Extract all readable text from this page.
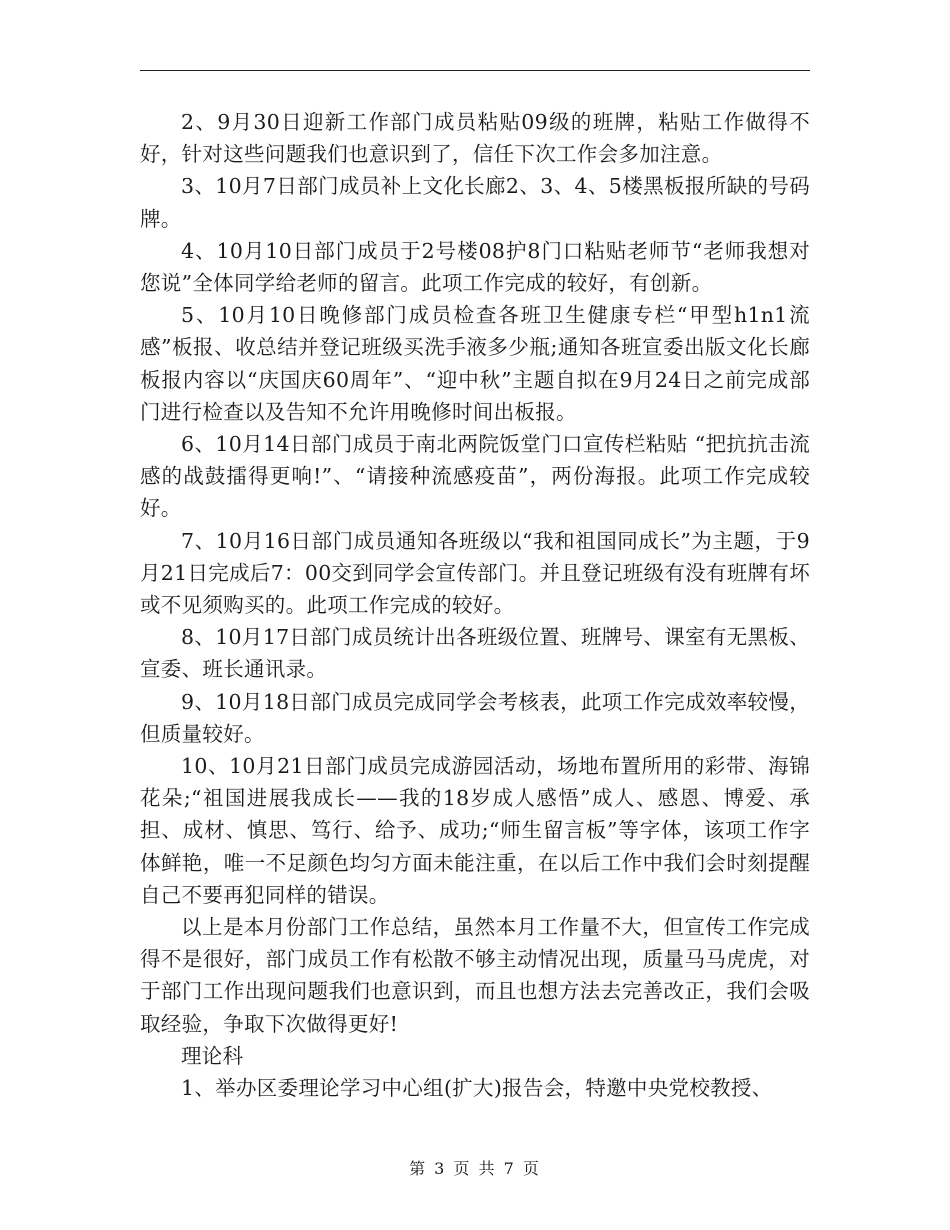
2、9月30日迎新工作部门成员粘贴09级的班牌，粘贴工作做得不好，针对这些问题我们也意识到了，信任下次工作会多加注意。

3、10月7日部门成员补上文化长廊2、3、4、5楼黑板报所缺的号码牌。

4、10月10日部门成员于2号楼08护8门口粘贴老师节“老师我想对您说”全体同学给老师的留言。此项工作完成的较好，有创新。

5、10月10日晚修部门成员检查各班卫生健康专栏“甲型h1n1流感”板报、收总结并登记班级买洗手液多少瓶;通知各班宣委出版文化长廊板报内容以“庆国庆60周年”、“迎中秋”主题自拟在9月24日之前完成部门进行检查以及告知不允许用晚修时间出板报。

6、10月14日部门成员于南北两院饭堂门口宣传栏粘贴 “把抗抗击流感的战鼓擂得更响!”、“请接种流感疫苗”，两份海报。此项工作完成较好。

7、10月16日部门成员通知各班级以“我和祖国同成长”为主题，于9月21日完成后7：00交到同学会宣传部门。并且登记班级有没有班牌有坏或不见须购买的。此项工作完成的较好。

8、10月17日部门成员统计出各班级位置、班牌号、课室有无黑板、宣委、班长通讯录。

9、10月18日部门成员完成同学会考核表，此项工作完成效率较慢，但质量较好。

10、10月21日部门成员完成游园活动，场地布置所用的彩带、海锦花朵;“祖国进展我成长——我的18岁成人感悟”成人、感恩、博爱、承担、成材、慎思、笃行、给予、成功;“师生留言板”等字体，该项工作字体鲜艳，唯一不足颜色均匀方面未能注重，在以后工作中我们会时刻提醒自己不要再犯同样的错误。

以上是本月份部门工作总结，虽然本月工作量不大，但宣传工作完成得不是很好，部门成员工作有松散不够主动情况出现，质量马马虎虎，对于部门工作出现问题我们也意识到，而且也想方法去完善改正，我们会吸取经验，争取下次做得更好!

理论科

1、举办区委理论学习中心组(扩大)报告会，特邀中央党校教授、

第 3 页 共 7 页
